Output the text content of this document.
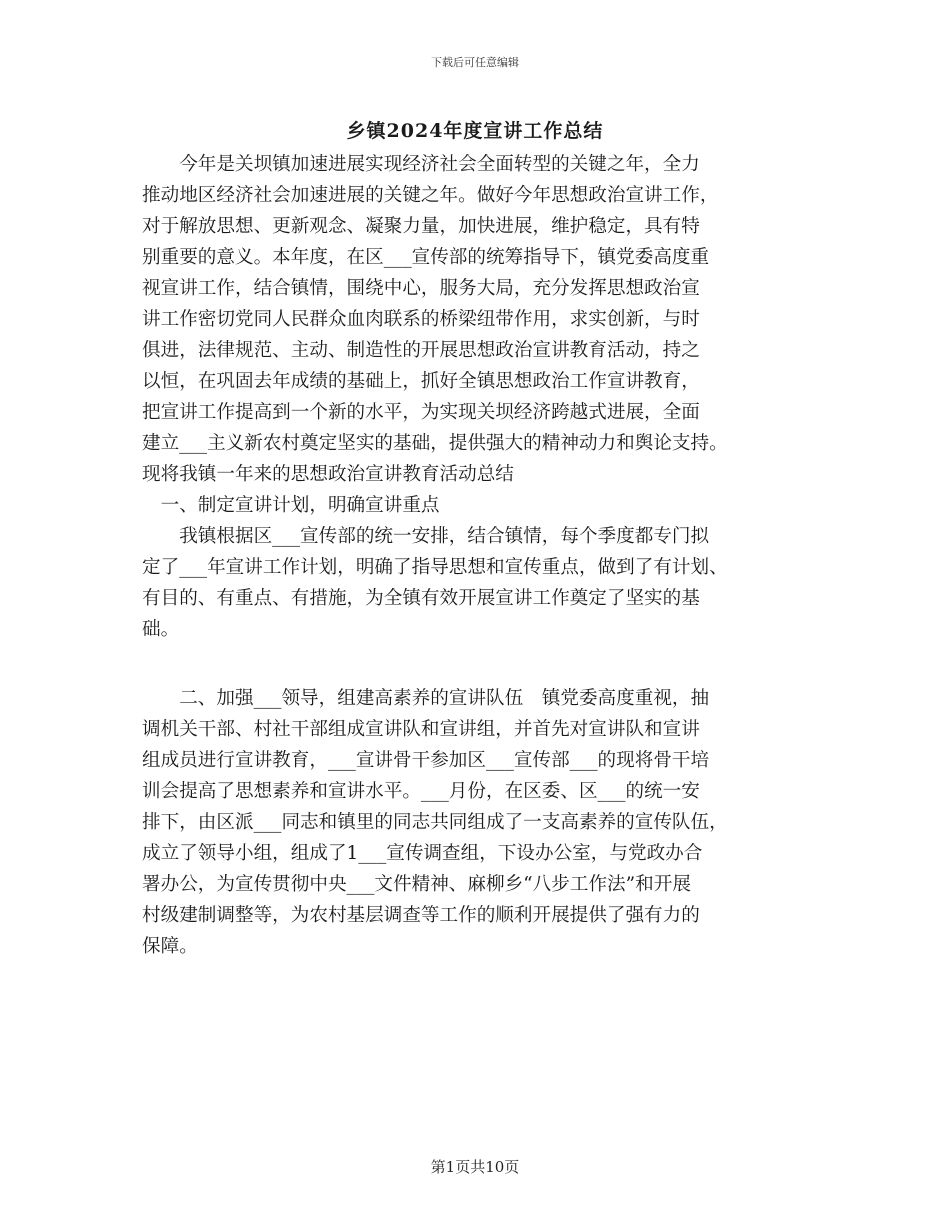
下载后可任意编辑
乡镇2024年度宣讲工作总结
　　今年是关坝镇加速进展实现经济社会全面转型的关键之年，全力
推动地区经济社会加速进展的关键之年。做好今年思想政治宣讲工作，
对于解放思想、更新观念、凝聚力量，加快进展，维护稳定，具有特
别重要的意义。本年度，在区___宣传部的统筹指导下，镇党委高度重
视宣讲工作，结合镇情，围绕中心，服务大局，充分发挥思想政治宣
讲工作密切党同人民群众血肉联系的桥梁纽带作用，求实创新，与时
俱进，法律规范、主动、制造性的开展思想政治宣讲教育活动，持之
以恒，在巩固去年成绩的基础上，抓好全镇思想政治工作宣讲教育，
把宣讲工作提高到一个新的水平，为实现关坝经济跨越式进展，全面
建立___主义新农村奠定坚实的基础，提供强大的精神动力和舆论支持。
现将我镇一年来的思想政治宣讲教育活动总结
　一、制定宣讲计划，明确宣讲重点
　　我镇根据区___宣传部的统一安排，结合镇情，每个季度都专门拟
定了___年宣讲工作计划，明确了指导思想和宣传重点，做到了有计划、
有目的、有重点、有措施，为全镇有效开展宣讲工作奠定了坚实的基
础。
　　二、加强___领导，组建高素养的宣讲队伍　镇党委高度重视，抽
调机关干部、村社干部组成宣讲队和宣讲组，并首先对宣讲队和宣讲
组成员进行宣讲教育，___宣讲骨干参加区___宣传部___的现将骨干培
训会提高了思想素养和宣讲水平。___月份，在区委、区___的统一安
排下，由区派___同志和镇里的同志共同组成了一支高素养的宣传队伍，
成立了领导小组，组成了1___宣传调查组，下设办公室，与党政办合
署办公，为宣传贯彻中央___文件精神、麻柳乡“八步工作法”和开展
村级建制调整等，为农村基层调查等工作的顺利开展提供了强有力的
保障。
第1页共10页
